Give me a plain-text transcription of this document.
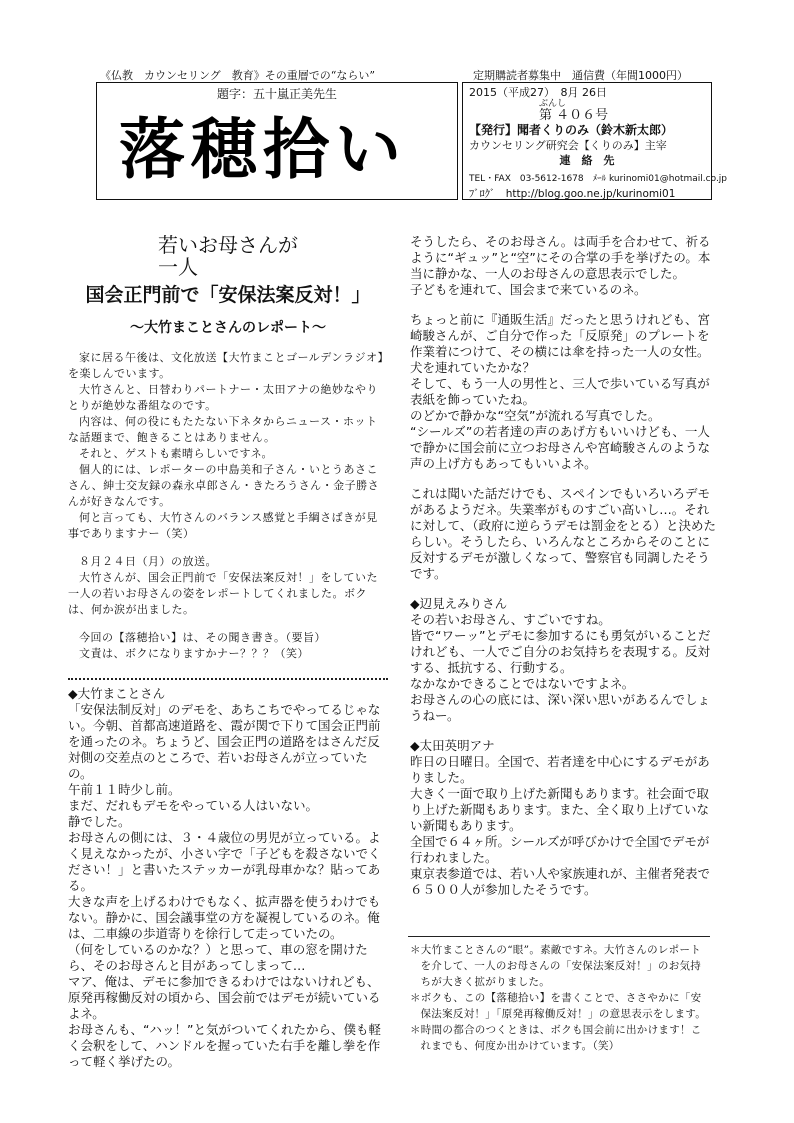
《仏教　カウンセリング　教育》その重層での“ならい”	定期購読者募集中　通信費（年間1000円）
題字：五十嵐正美先生
落穂拾い
2015（平成27）　8月 26日
ぶんし
第 ４０６号
【発行】聞者くりのみ（鈴木新太郎）
カウンセリング研究会【くりのみ】主宰
連　絡　先
TEL・FAX　03-5612-1678　ﾒｰﾙ kurinomi01@hotmail.co.jp
ﾌﾞﾛｸﾞ　http://blog.goo.ne.jp/kurinomi01

若いお母さんが

一人

国会正門前で「安保法案反対！」

～大竹まことさんのレポート～

家に居る午後は、文化放送【大竹まことゴールデンラジオ】を楽しんでいます。

大竹さんと、日替わりパートナー・太田アナの絶妙なやりとりが絶妙な番組なのです。

内容は、何の役にもたたない下ネタからニュース・ホットな話題まで、飽きることはありません。

それと、ゲストも素晴らしいですネ。

個人的には、レポーターの中島美和子さん・いとうあさこさん、紳士交友録の森永卓郎さん・きたろうさん・金子勝さんが好きなんです。

何と言っても、大竹さんのバランス感覚と手綱さばきが見事でありますナー（笑）

８月２４日（月）の放送。

大竹さんが、国会正門前で「安保法案反対！」をしていた一人の若いお母さんの姿をレポートしてくれました。ボクは、何か涙が出ました。

今回の【落穂拾い】は、その聞き書き。（要旨）

文責は、ボクになりますかナー？？？（笑）

◆ 大竹まことさん

「安保法制反対」のデモを、あちこちでやってるじゃない。今朝、首都高速道路を、霞が関で下りて国会正門前を通ったのネ。ちょうど、国会正門の道路をはさんだ反対側の交差点のところで、若いお母さんが立っていたの。

午前１１時少し前。

まだ、だれもデモをやっている人はいない。

静でした。

お母さんの側には、３・４歳位の男児が立っている。よく見えなかったが、小さい字で「子どもを殺さないでください！」と書いたステッカーが乳母車かな？貼ってある。

大きな声を上げるわけでもなく、拡声器を使うわけでもない。静かに、国会議事堂の方を凝視しているのネ。俺は、二車線の歩道寄りを徐行して走っていたの。

（何をしているのかな？）と思って、車の窓を開けたら、そのお母さんと目があってしまって…

マア、俺は、デモに参加できるわけではないけれども、原発再稼働反対の頃から、国会前ではデモが続いているよネ。

お母さんも、“ハッ！”と気がついてくれたから、僕も軽く会釈をして、ハンドルを握っていた右手を離し拳を作って軽く挙げたの。

そうしたら、そのお母さん。は両手を合わせて、祈るように“ギュッ”と“空”にその合掌の手を挙げたの。本当に静かな、一人のお母さんの意思表示でした。

子どもを連れて、国会まで来ているのネ。

ちょっと前に『通販生活』だったと思うけれども、宮崎駿さんが、ご自分で作った「反原発」のプレートを作業着につけて、その横には傘を持った一人の女性。犬を連れていたかな？

そして、もう一人の男性と、三人で歩いている写真が表紙を飾っていたね。

のどかで静かな“空気”が流れる写真でした。

“シールズ”の若者達の声のあげ方もいいけども、一人で静かに国会前に立つお母さんや宮崎駿さんのような声の上げ方もあってもいいよネ。

これは聞いた話だけでも、スペインでもいろいろデモがあるようだネ。失業率がものすごい高いし…。それに対して、（政府に逆らうデモは罰金をとる）と決めたらしい。そうしたら、いろんなところからそのことに反対するデモが激しくなって、警察官も同調したそうです。

◆ 辺見えみりさん

その若いお母さん、すごいですね。

皆で“ワーッ”とデモに参加するにも勇気がいることだけれども、一人でご自分のお気持ちを表現する。反対する、抵抗する、行動する。

なかなかできることではないですよネ。

お母さんの心の底には、深い深い思いがあるんでしょうねー。

◆ 太田英明アナ

昨日の日曜日。全国で、若者達を中心にするデモがありました。

大きく一面で取り上げた新聞もあります。社会面で取り上げた新聞もあります。また、全く取り上げていない新聞もあります。

全国で６４ヶ所。シールズが呼びかけで全国でデモが行われました。

東京表参道では、若い人や家族連れが、主催者発表で６５００人が参加したそうです。

＊大竹まことさんの“眼”。素敵ですネ。大竹さんのレポートを介して、一人のお母さんの「安保法案反対！」のお気持ちが大きく拡がりました。

＊ボクも、この【落穂拾い】を書くことで、ささやかに「安保法案反対！」「原発再稼働反対！」の意思表示をします。

＊時間の都合のつくときは、ボクも国会前に出かけます！これまでも、何度か出かけています。（笑）
